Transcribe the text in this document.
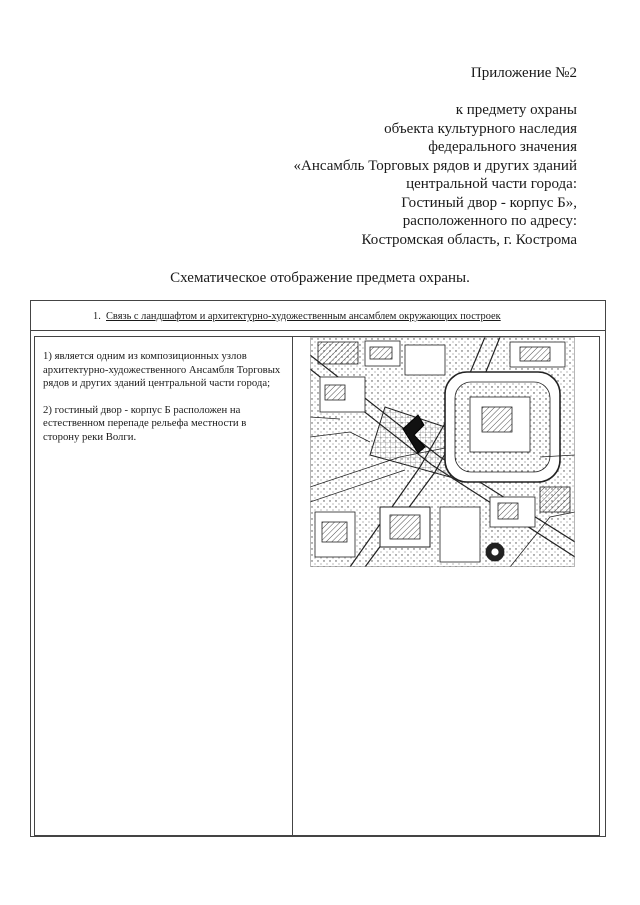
Приложение №2
к предмету охраны
объекта культурного наследия
федерального значения
«Ансамбль Торговых рядов и других зданий
центральной части города:
Гостиный двор - корпус Б»,
расположенного по адресу:
Костромская область, г. Кострома
Схематическое отображение предмета охраны.
1. Связь с ландшафтом и архитектурно-художественным ансамблем окружающих построек

1) является одним из композиционных узлов архитектурно-художественного Ансамбля Торговых рядов и других зданий центральной части города;

2) гостиный двор - корпус Б расположен на естественном перепаде рельефа местности в сторону реки Волги.
